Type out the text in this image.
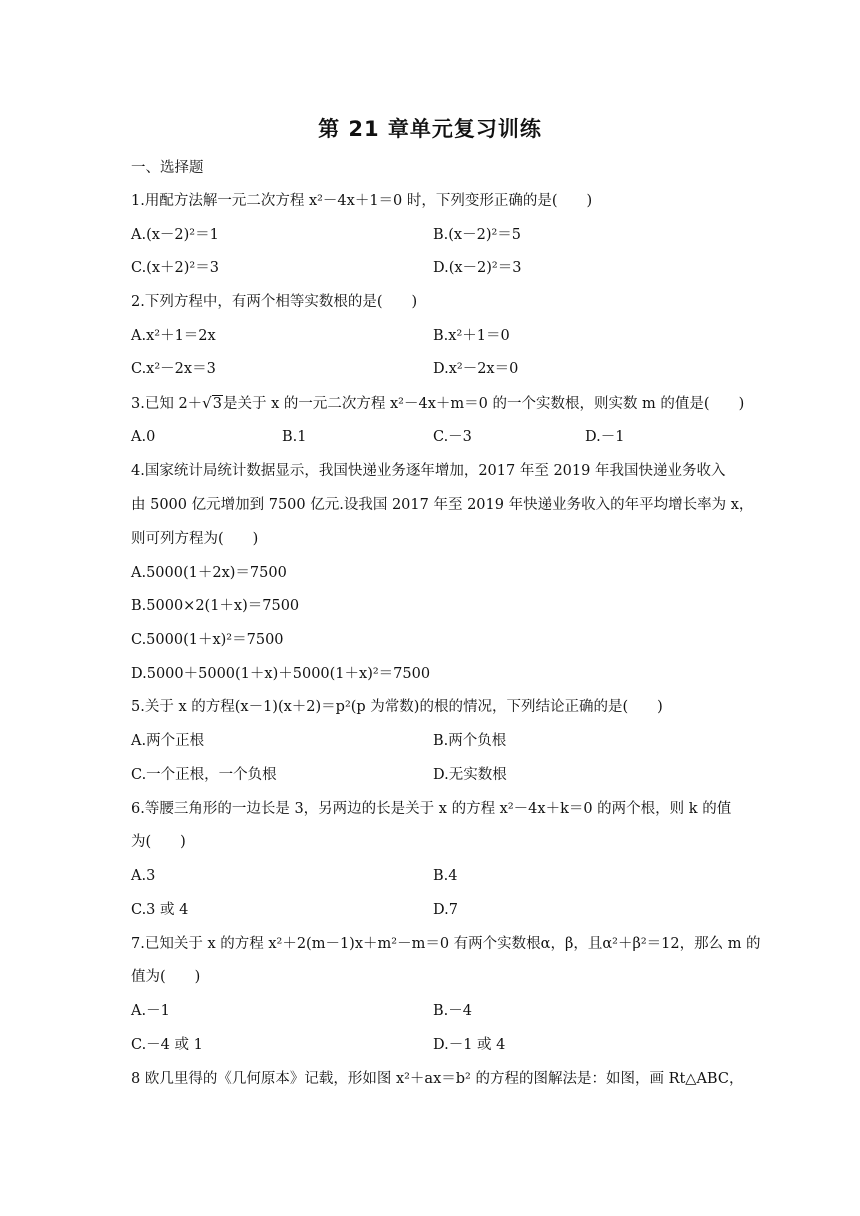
第 21 章单元复习训练
一、选择题
1.用配方法解一元二次方程 x²－4x＋1＝0 时，下列变形正确的是(　　)
A.(x－2)²＝1	B.(x－2)²＝5
C.(x＋2)²＝3	D.(x－2)²＝3
2.下列方程中，有两个相等实数根的是(　　)
A.x²＋1＝2x	B.x²＋1＝0
C.x²－2x＝3	D.x²－2x＝0
3.已知 2＋√3是关于 x 的一元二次方程 x²－4x＋m＝0 的一个实数根，则实数 m 的值是(　　)
A.0	B.1	C.－3	D.－1
4.国家统计局统计数据显示，我国快递业务逐年增加，2017 年至 2019 年我国快递业务收入
由 5000 亿元增加到 7500 亿元.设我国 2017 年至 2019 年快递业务收入的年平均增长率为 x，
则可列方程为(　　)
A.5000(1＋2x)＝7500
B.5000×2(1＋x)＝7500
C.5000(1＋x)²＝7500
D.5000＋5000(1＋x)＋5000(1＋x)²＝7500
5.关于 x 的方程(x－1)(x＋2)＝p²(p 为常数)的根的情况，下列结论正确的是(　　)
A.两个正根	B.两个负根
C.一个正根，一个负根	D.无实数根
6.等腰三角形的一边长是 3，另两边的长是关于 x 的方程 x²－4x＋k＝0 的两个根，则 k 的值
为(　　)
A.3	B.4
C.3 或 4	D.7
7.已知关于 x 的方程 x²＋2(m－1)x＋m²－m＝0 有两个实数根α，β，且α²＋β²＝12，那么 m 的
值为(　　)
A.－1	B.－4
C.－4 或 1	D.－1 或 4
8 欧几里得的《几何原本》记载，形如图 x²＋ax＝b² 的方程的图解法是：如图，画 Rt△ABC，
